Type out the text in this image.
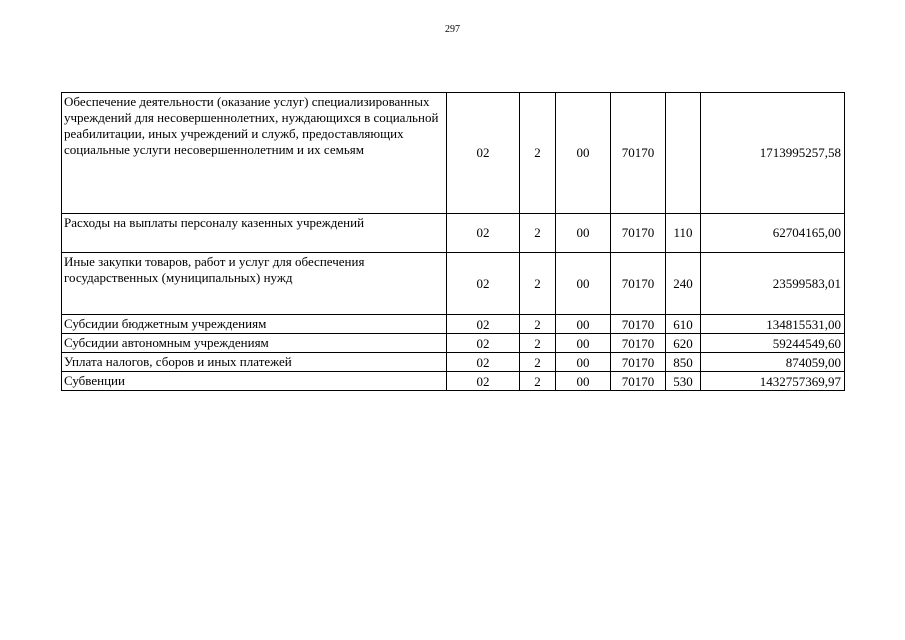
297
Обеспечение деятельности (оказание услуг) специализированных учреждений для несовершеннолетних, нуждающихся в социальной реабилитации, иных учреждений и служб, предоставляющих социальные услуги несовершеннолетним и их семьям	02	2	00	70170		1713995257,58
Расходы на выплаты персоналу казенных учреждений	02	2	00	70170	110	62704165,00
Иные закупки товаров, работ и услуг для обеспечения государственных (муниципальных) нужд	02	2	00	70170	240	23599583,01
Субсидии бюджетным учреждениям	02	2	00	70170	610	134815531,00
Субсидии автономным учреждениям	02	2	00	70170	620	59244549,60
Уплата налогов, сборов и иных платежей	02	2	00	70170	850	874059,00
Субвенции	02	2	00	70170	530	1432757369,97
